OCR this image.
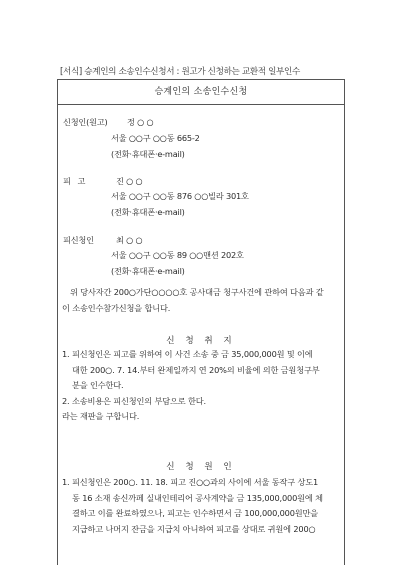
[서식] 승계인의 소송인수신청서 : 원고가 신청하는 교환적 일부인수
승계인의 소송인수신청
신청인(원고) 정 ○ ○
서울 ○○구 ○○동 665-2
(전화·휴대폰·e-mail)
피 고	진 ○ ○
서울 ○○구 ○○동 876 ○○빌라 301호
(전화·휴대폰·e-mail)
피신청인	최 ○ ○
서울 ○○구 ○○동 89 ○○맨션 202호
(전화·휴대폰·e-mail)
위 당사자간 200○가단○○○○호 공사대금 청구사건에 관하여 다음과 같
이 소송인수참가신청을 합니다.
신 청 취 지
1. 피신청인은 피고를 위하여 이 사건 소송 중 금 35,000,000원 및 이에
대한 200○. 7. 14.부터 완제일까지 연 20%의 비율에 의한 금원청구부
분을 인수한다.
2. 소송비용은 피신청인의 부담으로 한다.
라는 재판을 구합니다.
신 청 원 인
1. 피신청인은 200○. 11. 18. 피고 진○○과의 사이에 서울 동작구 상도1
동 16 소재 송신까페 실내인테리어 공사계약을 금 135,000,000원에 체
결하고 이를 완료하였으나, 피고는 인수하면서 금 100,000,000원만을
지급하고 나머지 잔금을 지급치 아니하여 피고를 상대로 귀원에 200○
